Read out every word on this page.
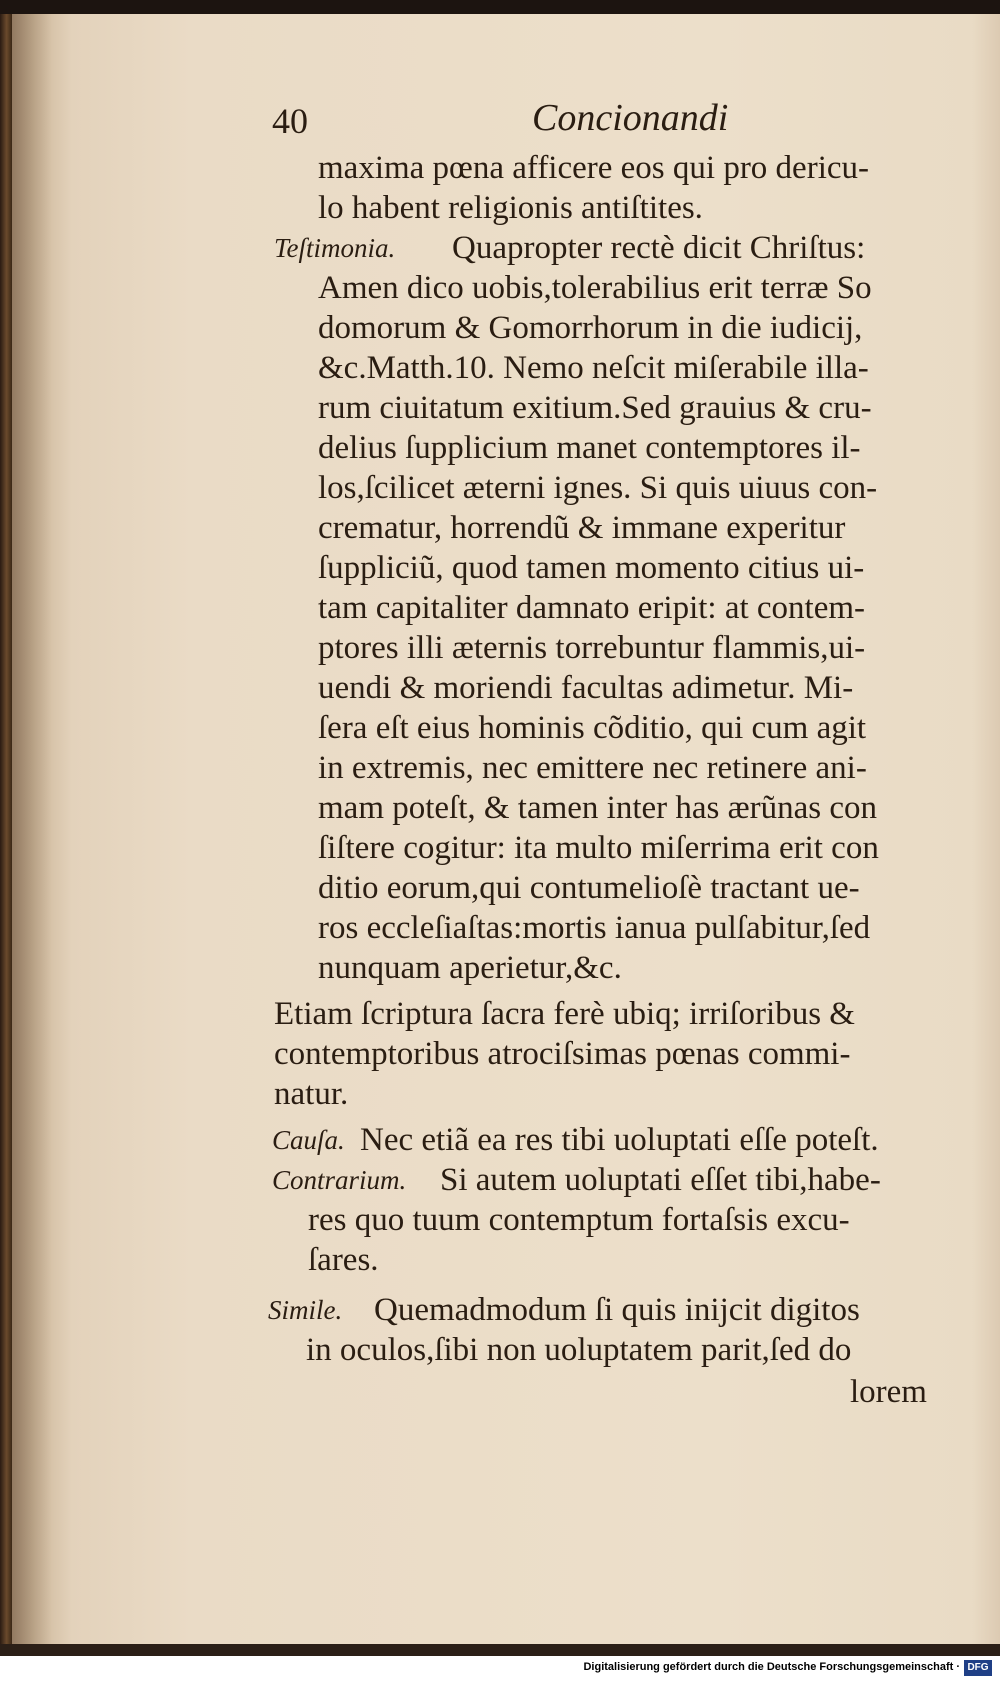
40	Concionandi
maxima pœna afficere eos qui pro dericu-
lo habent religionis antiſtites.
Teſtimonia. Quapropter rectè dicit Chriſtus:
Amen dico uobis,tolerabilius erit terræ So
domorum & Gomorrhorum in die iudicij,
&c.Matth.10. Nemo neſcit miſerabile illa-
rum ciuitatum exitium.Sed grauius & cru-
delius ſupplicium manet contemptores il-
los,ſcilicet æterni ignes. Si quis uiuus con-
crematur, horrendũ & immane experitur
ſuppliciũ, quod tamen momento citius ui-
tam capitaliter damnato eripit: at contem-
ptores illi æternis torrebuntur flammis,ui-
uendi & moriendi facultas adimetur. Mi-
ſera eſt eius hominis cõditio, qui cum agit
in extremis, nec emittere nec retinere ani-
mam poteſt, & tamen inter has ærũnas con
ſiſtere cogitur: ita multo miſerrima erit con
ditio eorum,qui contumelioſè tractant ue-
ros eccleſiaſtas:mortis ianua pulſabitur,ſed
nunquam aperietur,&c.
Etiam ſcriptura ſacra ferè ubiq; irriſoribus &
contemptoribus atrociſsimas pœnas commi-
natur.
Cauſa. Nec etiã ea res tibi uoluptati eſſe poteſt.
Contrarium. Si autem uoluptati eſſet tibi,habe-
res quo tuum contemptum fortaſsis excu-
ſares.
Simile. Quemadmodum ſi quis inijcit digitos
in oculos,ſibi non uoluptatem parit,ſed do
lorem
Digitalisierung gefördert durch die Deutsche Forschungsgemeinschaft · DFG
